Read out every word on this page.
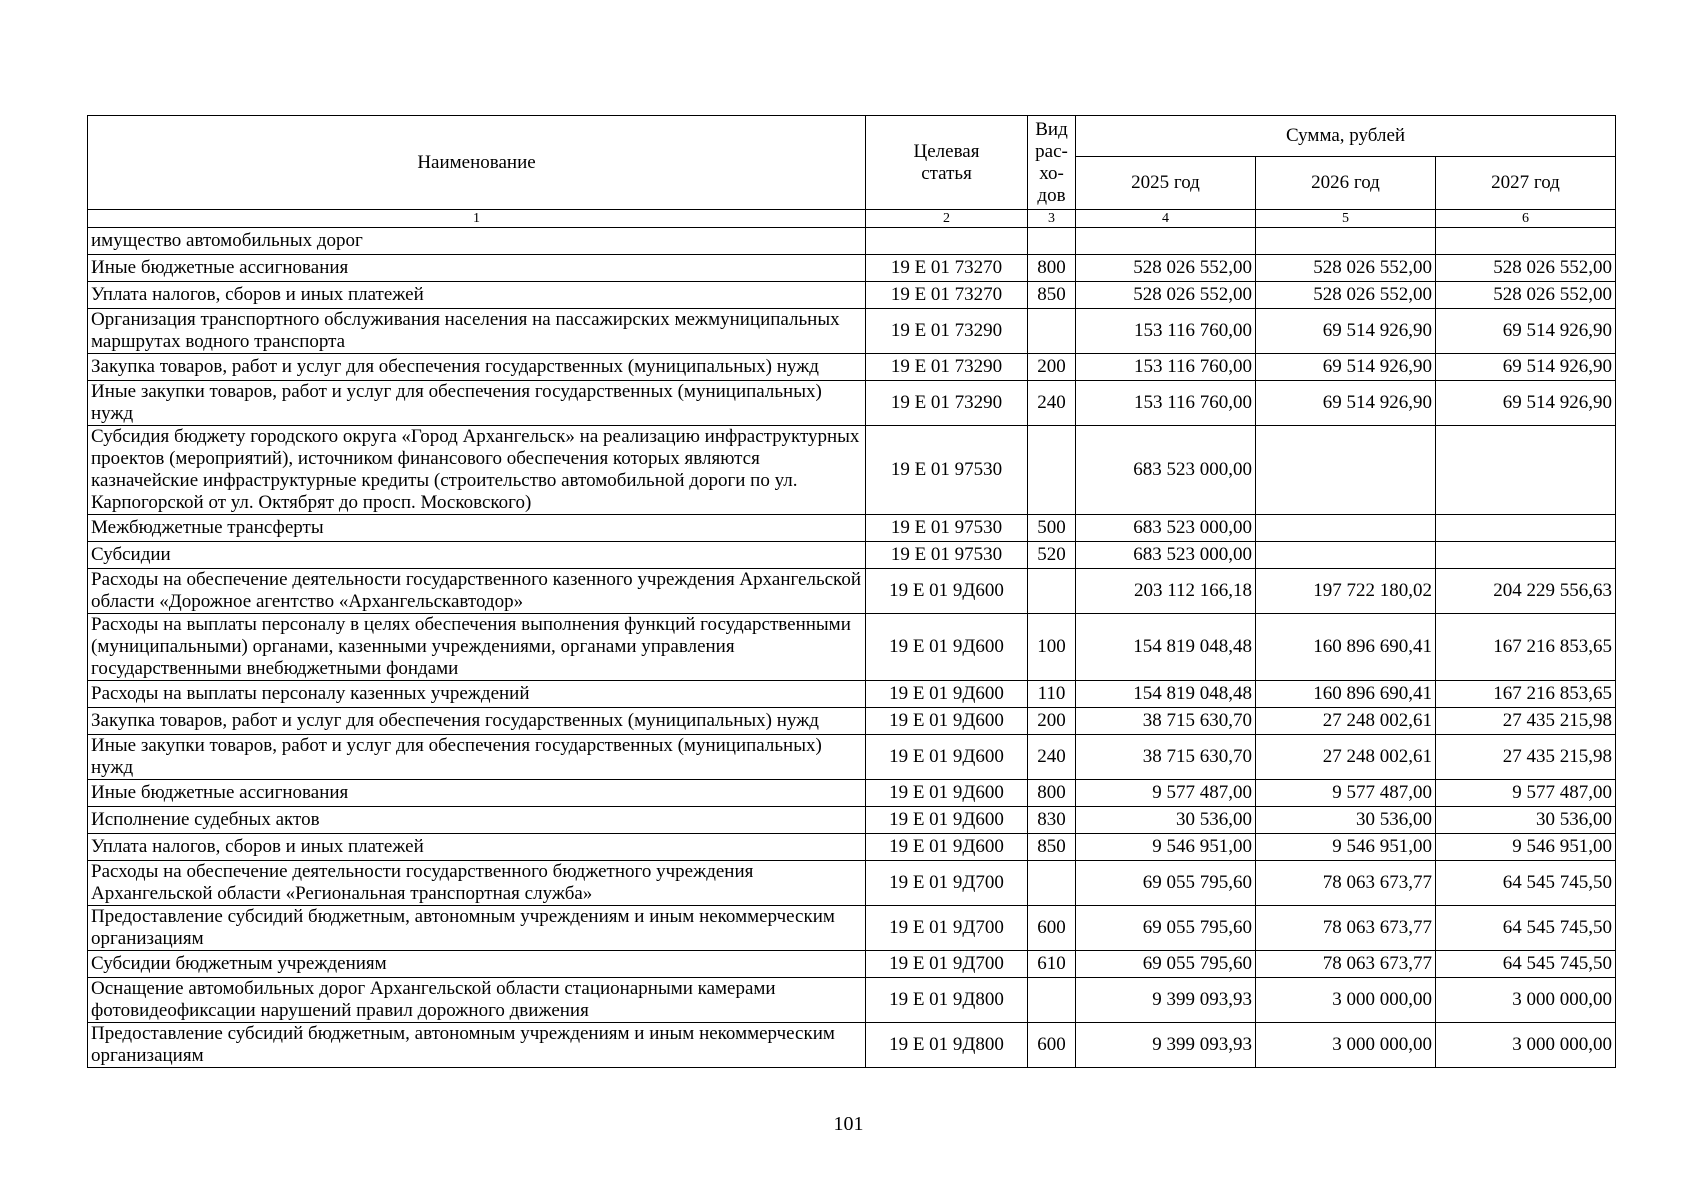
Наименование	Целевая статья	Вид
рас-
хо-
дов	Сумма, рублей		
			2025 год	2026 год	2027 год
1	2	3	4	5	6
имущество автомобильных дорог					
Иные бюджетные ассигнования	19 Е 01 73270	800	528 026 552,00	528 026 552,00	528 026 552,00
Уплата налогов, сборов и иных платежей	19 Е 01 73270	850	528 026 552,00	528 026 552,00	528 026 552,00
Организация транспортного обслуживания населения на пассажирских межмуниципальных маршрутах водного транспорта	19 Е 01 73290		153 116 760,00	69 514 926,90	69 514 926,90
Закупка товаров, работ и услуг для обеспечения государственных (муниципальных) нужд	19 Е 01 73290	200	153 116 760,00	69 514 926,90	69 514 926,90
Иные закупки товаров, работ и услуг для обеспечения государственных (муниципальных) нужд	19 Е 01 73290	240	153 116 760,00	69 514 926,90	69 514 926,90
Субсидия бюджету городского округа «Город Архангельск» на реализацию инфраструктурных проектов (мероприятий), источником финансового обеспечения которых являются казначейские инфраструктурные кредиты (строительство автомобильной дороги по ул. Карпогорской от ул. Октябрят до просп. Московского)	19 Е 01 97530		683 523 000,00		
Межбюджетные трансферты	19 Е 01 97530	500	683 523 000,00		
Субсидии	19 Е 01 97530	520	683 523 000,00		
Расходы на обеспечение деятельности государственного казенного учреждения Архангельской области «Дорожное агентство «Архангельскавтодор»	19 Е 01 9Д600		203 112 166,18	197 722 180,02	204 229 556,63
Расходы на выплаты персоналу в целях обеспечения выполнения функций государственными (муниципальными) органами, казенными учреждениями, органами управления государственными внебюджетными фондами	19 Е 01 9Д600	100	154 819 048,48	160 896 690,41	167 216 853,65
Расходы на выплаты персоналу казенных учреждений	19 Е 01 9Д600	110	154 819 048,48	160 896 690,41	167 216 853,65
Закупка товаров, работ и услуг для обеспечения государственных (муниципальных) нужд	19 Е 01 9Д600	200	38 715 630,70	27 248 002,61	27 435 215,98
Иные закупки товаров, работ и услуг для обеспечения государственных (муниципальных) нужд	19 Е 01 9Д600	240	38 715 630,70	27 248 002,61	27 435 215,98
Иные бюджетные ассигнования	19 Е 01 9Д600	800	9 577 487,00	9 577 487,00	9 577 487,00
Исполнение судебных актов	19 Е 01 9Д600	830	30 536,00	30 536,00	30 536,00
Уплата налогов, сборов и иных платежей	19 Е 01 9Д600	850	9 546 951,00	9 546 951,00	9 546 951,00
Расходы на обеспечение деятельности государственного бюджетного учреждения Архангельской области «Региональная транспортная служба»	19 Е 01 9Д700		69 055 795,60	78 063 673,77	64 545 745,50
Предоставление субсидий бюджетным, автономным учреждениям и иным некоммерческим организациям	19 Е 01 9Д700	600	69 055 795,60	78 063 673,77	64 545 745,50
Субсидии бюджетным учреждениям	19 Е 01 9Д700	610	69 055 795,60	78 063 673,77	64 545 745,50
Оснащение автомобильных дорог Архангельской области стационарными камерами фотовидеофиксации нарушений правил дорожного движения	19 Е 01 9Д800		9 399 093,93	3 000 000,00	3 000 000,00
Предоставление субсидий бюджетным, автономным учреждениям и иным некоммерческим организациям	19 Е 01 9Д800	600	9 399 093,93	3 000 000,00	3 000 000,00
101
